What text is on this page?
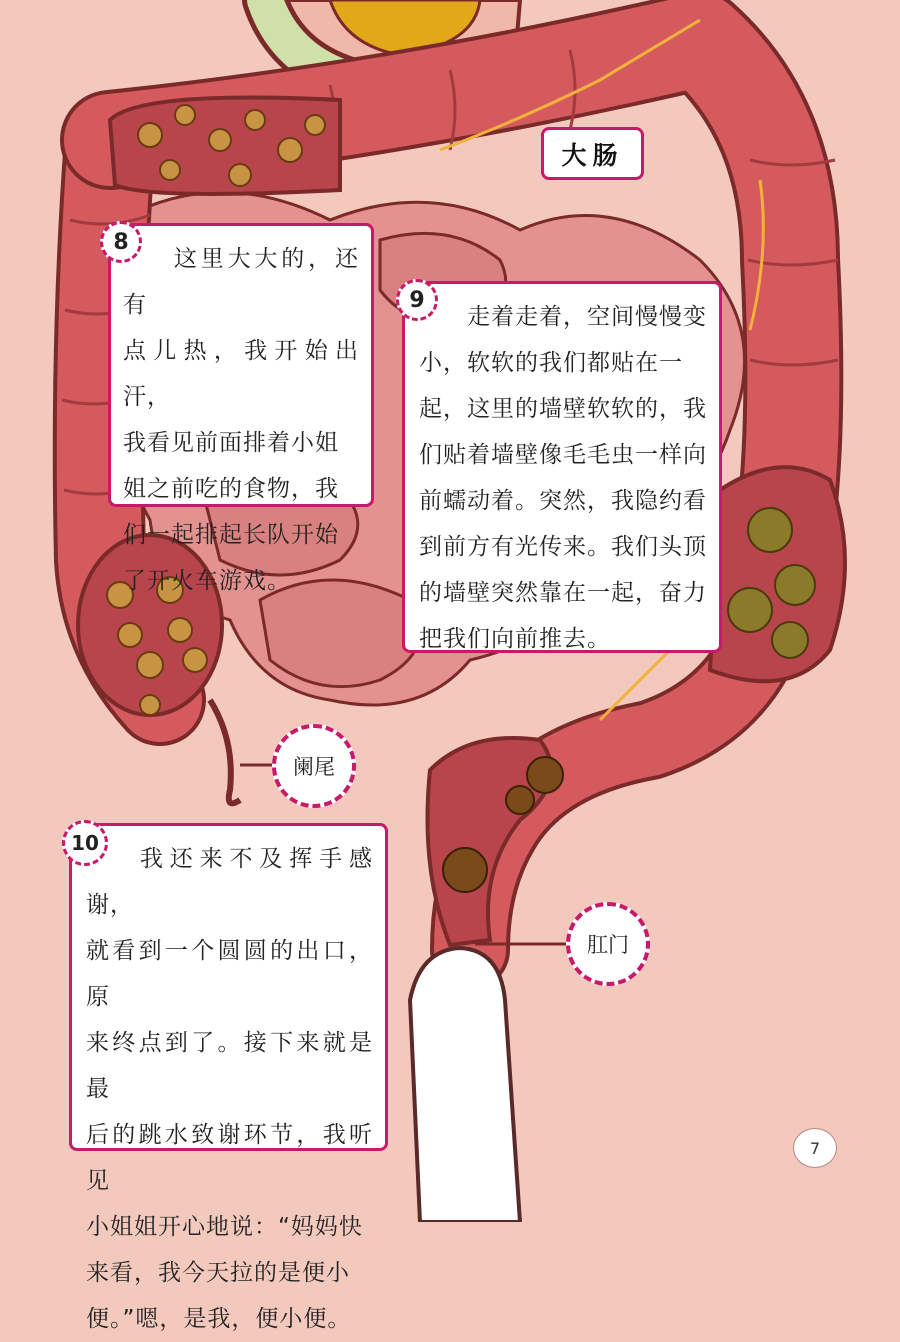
大肠

这里大大的，还有
点儿热，我开始出汗，
我看见前面排着小姐
姐之前吃的食物，我
们一起排起长队开始
了开火车游戏。

8

走着走着，空间慢慢变
小，软软的我们都贴在一
起，这里的墙壁软软的，我
们贴着墙壁像毛毛虫一样向
前蠕动着。突然，我隐约看
到前方有光传来。我们头顶
的墙壁突然靠在一起，奋力
把我们向前推去。

9

我还来不及挥手感谢，
就看到一个圆圆的出口，原
来终点到了。接下来就是最
后的跳水致谢环节，我听见
小姐姐开心地说：“妈妈快
来看，我今天拉的是便小
便。”嗯，是我，便小便。

10
阑尾
肛门
7
